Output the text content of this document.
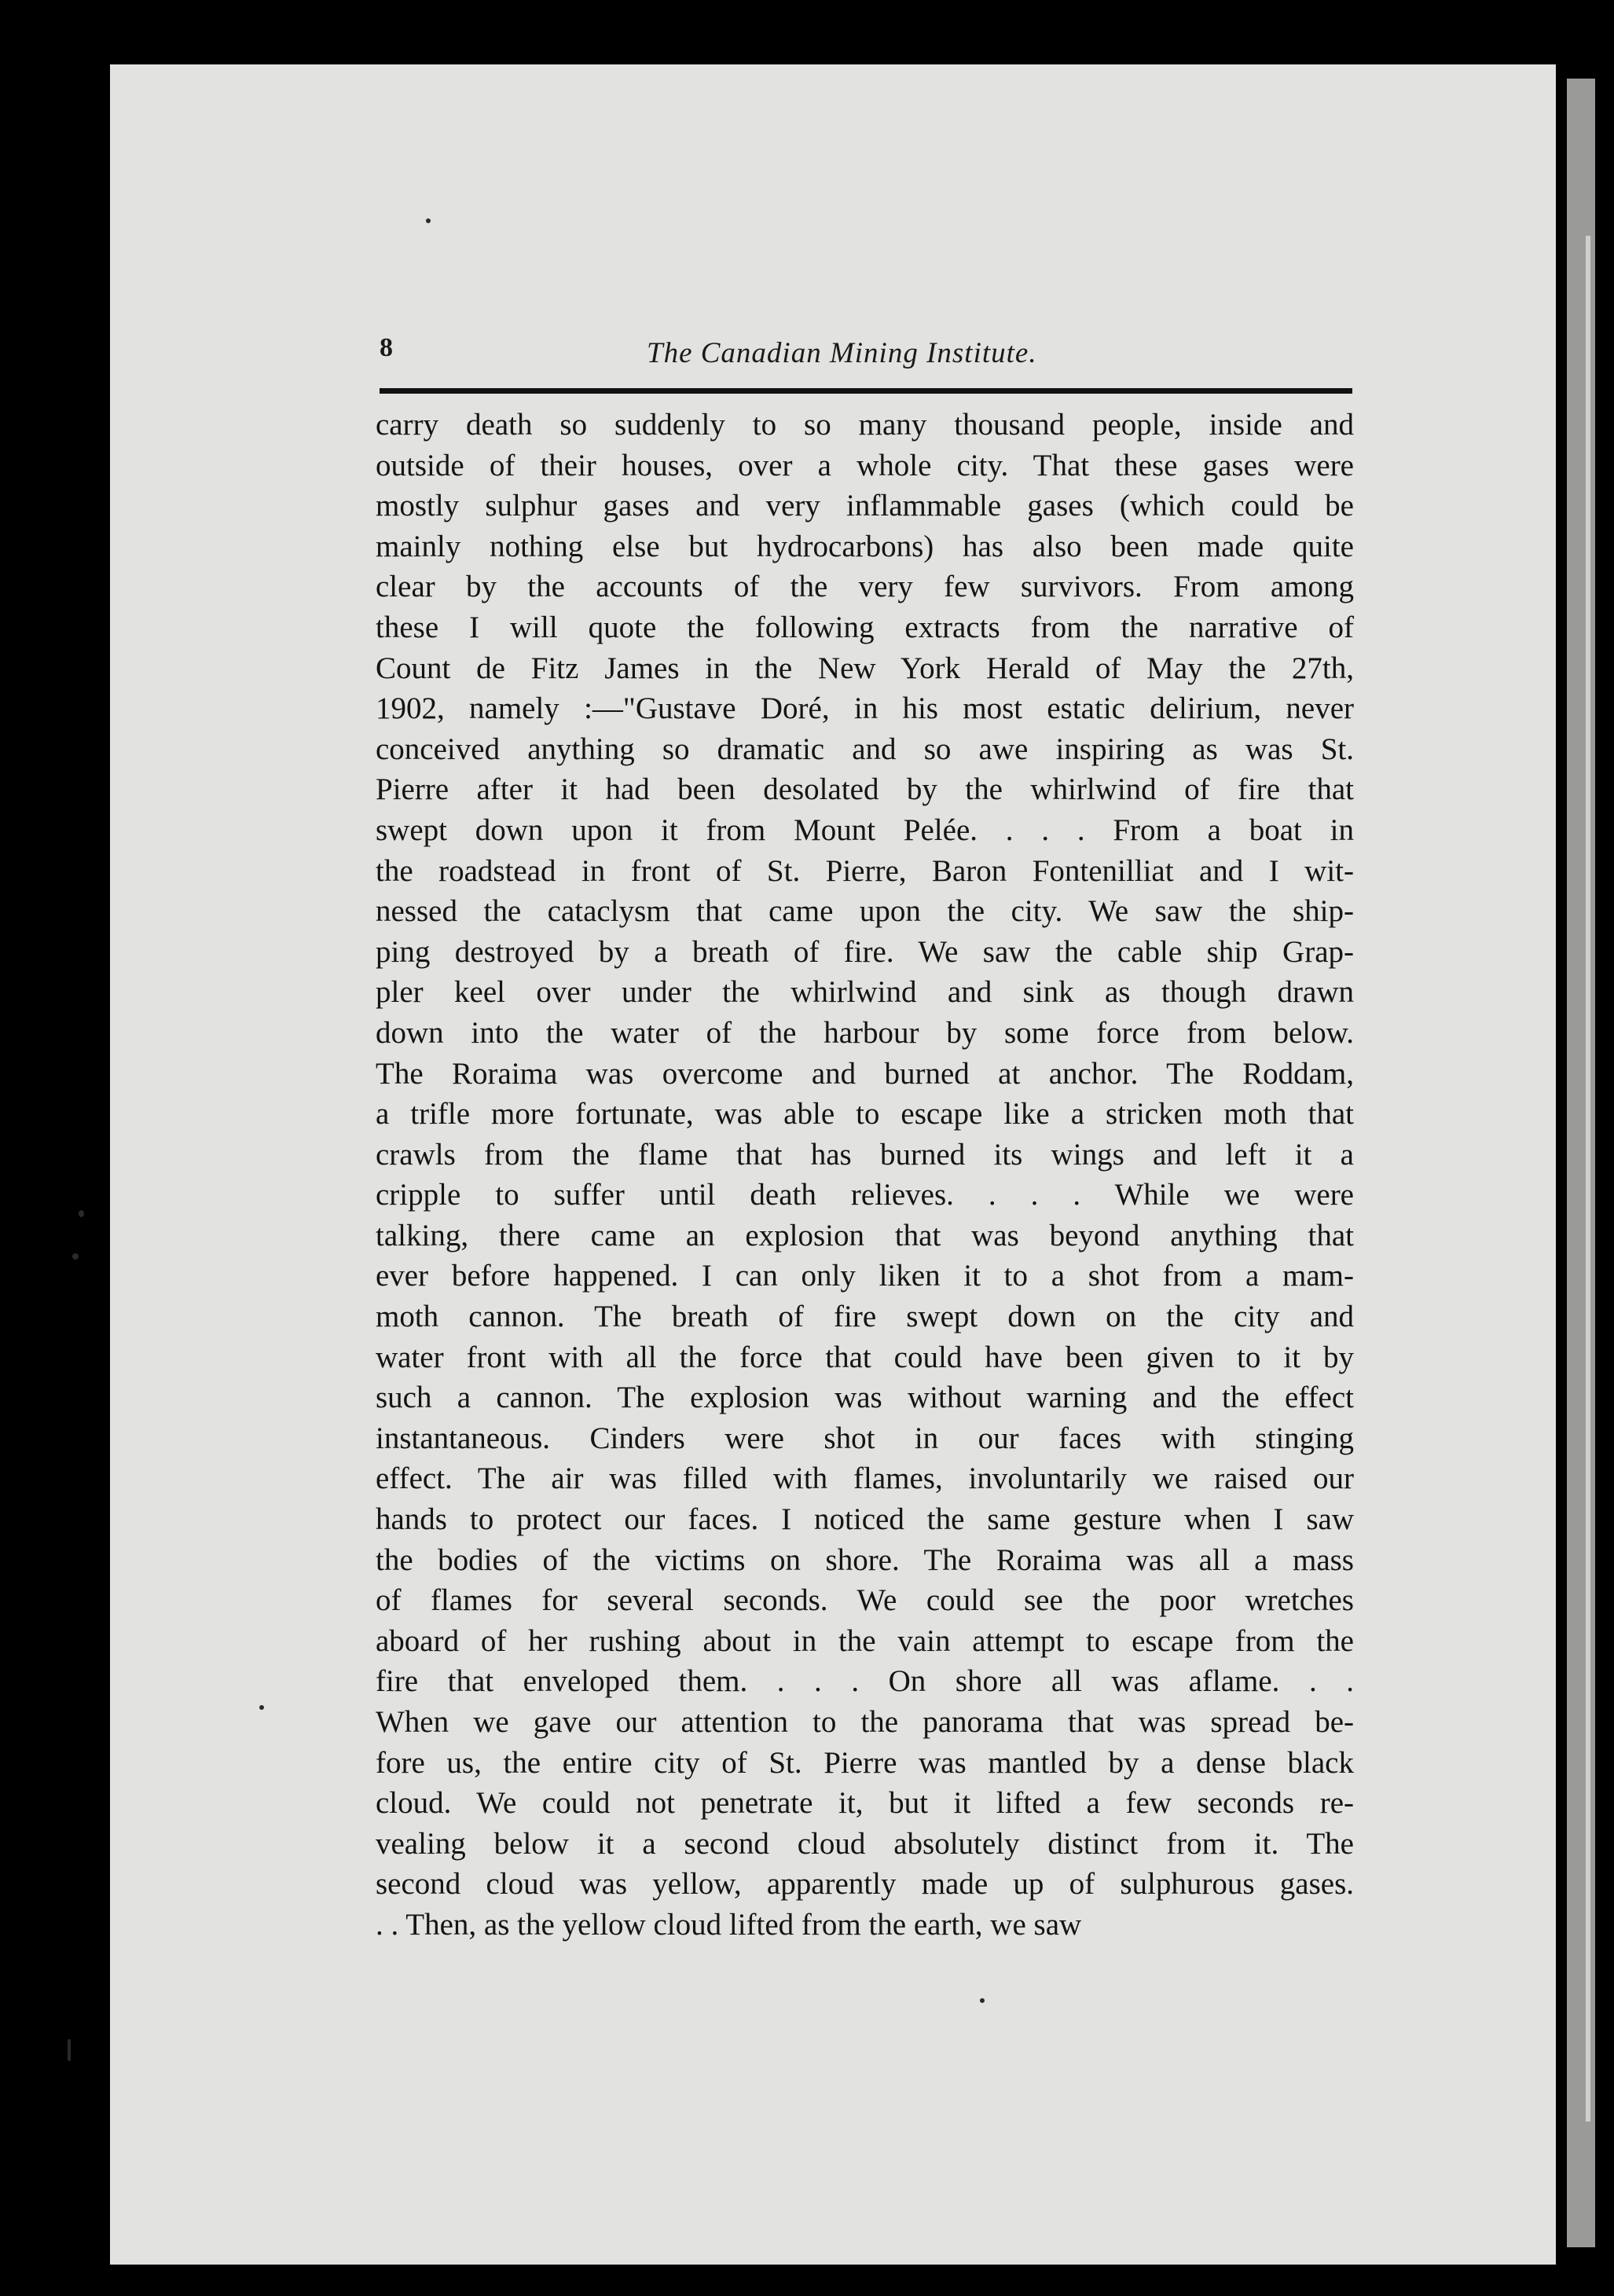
8	The Canadian Mining Institute.
carry death so suddenly to so many thousand people, inside and
outside of their houses, over a whole city. That these gases were
mostly sulphur gases and very inflammable gases (which could be
mainly nothing else but hydrocarbons) has also been made quite
clear by the accounts of the very few survivors. From among
these I will quote the following extracts from the narrative of
Count de Fitz James in the New York Herald of May the 27th,
1902, namely :—"Gustave Doré, in his most estatic delirium, never
conceived anything so dramatic and so awe inspiring as was St.
Pierre after it had been desolated by the whirlwind of fire that
swept down upon it from Mount Pelée. . . . From a boat in
the roadstead in front of St. Pierre, Baron Fontenilliat and I wit-
nessed the cataclysm that came upon the city. We saw the ship-
ping destroyed by a breath of fire. We saw the cable ship Grap-
pler keel over under the whirlwind and sink as though drawn
down into the water of the harbour by some force from below.
The Roraima was overcome and burned at anchor. The Roddam,
a trifle more fortunate, was able to escape like a stricken moth that
crawls from the flame that has burned its wings and left it a
cripple to suffer until death relieves. . . . While we were
talking, there came an explosion that was beyond anything that
ever before happened. I can only liken it to a shot from a mam-
moth cannon. The breath of fire swept down on the city and
water front with all the force that could have been given to it by
such a cannon. The explosion was without warning and the effect
instantaneous. Cinders were shot in our faces with stinging
effect. The air was filled with flames, involuntarily we raised our
hands to protect our faces. I noticed the same gesture when I saw
the bodies of the victims on shore. The Roraima was all a mass
of flames for several seconds. We could see the poor wretches
aboard of her rushing about in the vain attempt to escape from the
fire that enveloped them. . . . On shore all was aflame. . .
When we gave our attention to the panorama that was spread be-
fore us, the entire city of St. Pierre was mantled by a dense black
cloud. We could not penetrate it, but it lifted a few seconds re-
vealing below it a second cloud absolutely distinct from it. The
second cloud was yellow, apparently made up of sulphurous gases.
. . Then, as the yellow cloud lifted from the earth, we saw
